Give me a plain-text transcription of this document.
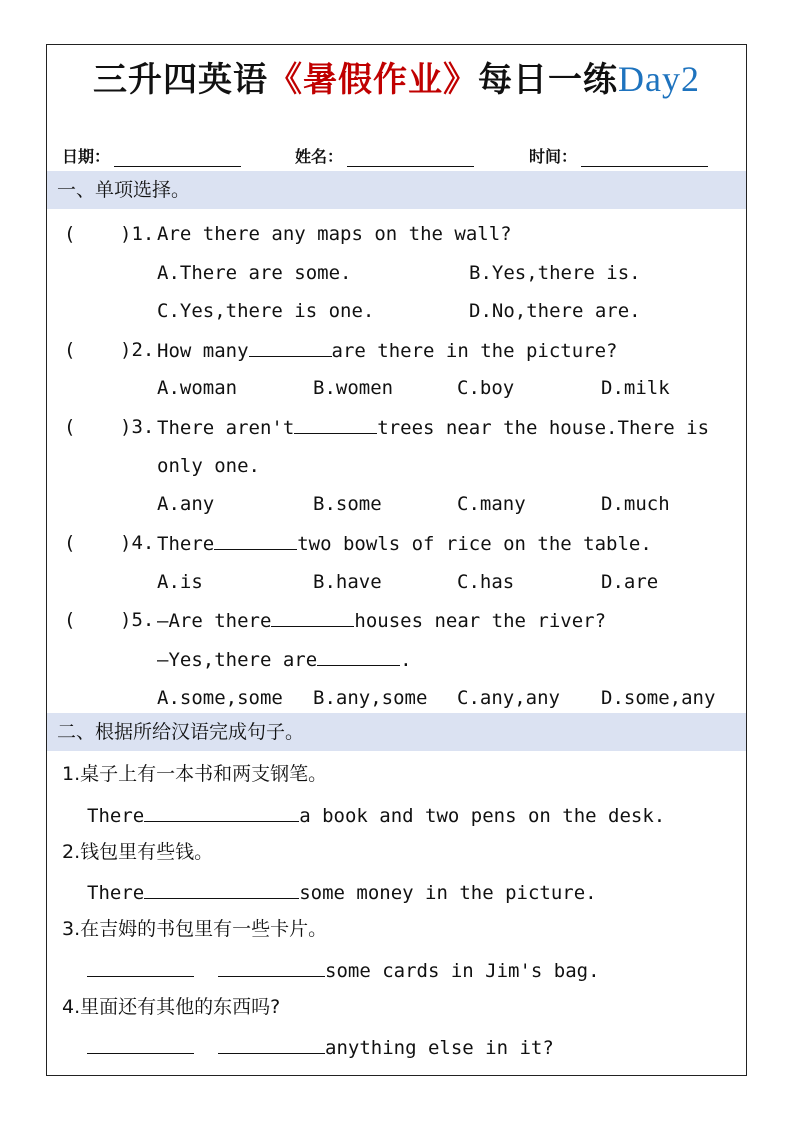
三升四英语《暑假作业》每日一练Day2
日期：	姓名：	时间：
一、单项选择。
( )1. Are there any maps on the wall?
A.There are some.	B.Yes,there is.
C.Yes,there is one.	D.No,there are.
( )2. How many	are there in the picture?
A.woman	B.women	C.boy	D.milk
( )3. There aren't	trees near the house.There is
only one.
A.any	B.some	C.many	D.much
( )4. There	two bowls of rice on the table.
A.is	B.have	C.has	D.are
( )5. —Are there	houses near the river?
—Yes,there are	.
A.some,some B.any,some C.any,any D.some,any
二、根据所给汉语完成句子。
1.桌子上有一本书和两支钢笔。
There	a book and two pens on the desk.
2.钱包里有些钱。
There	some money in the picture.
3.在吉姆的书包里有一些卡片。
some cards in Jim's bag.
4.里面还有其他的东西吗?
anything else in it?
